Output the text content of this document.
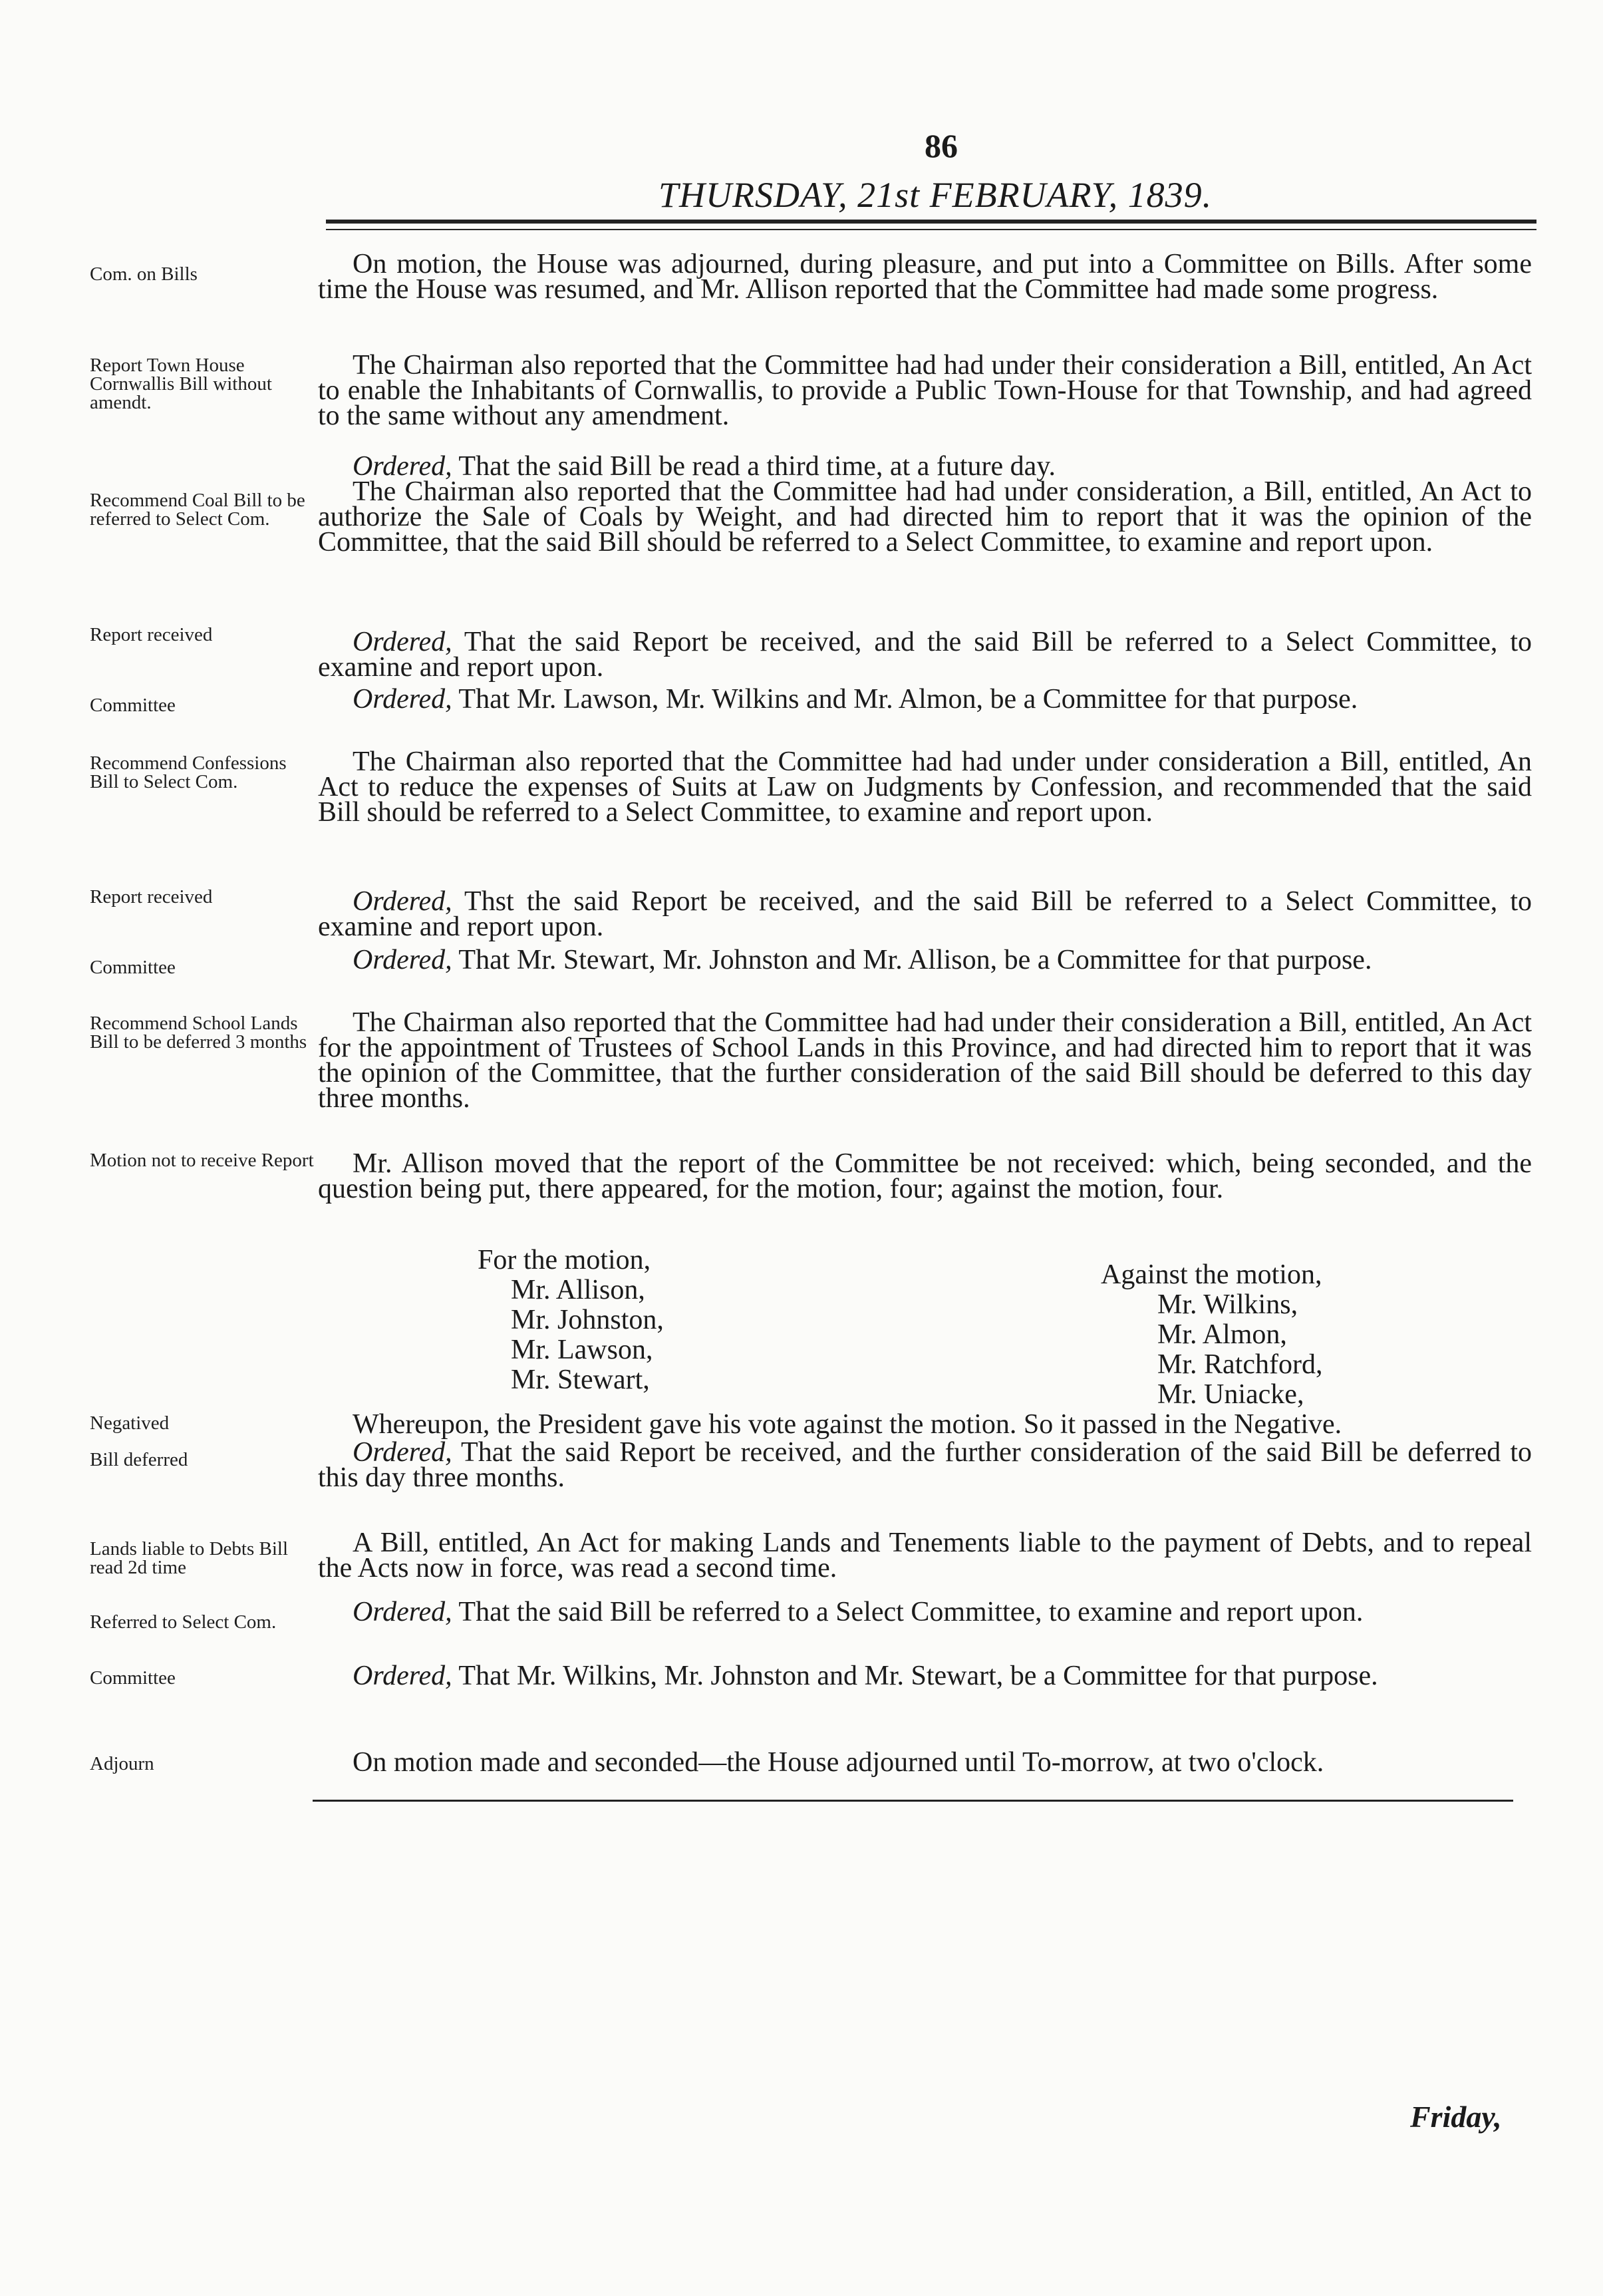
86
THURSDAY, 21st FEBRUARY, 1839.
Com. on Bills
Report Town House Cornwallis Bill without amendt.
Recommend Coal Bill to be referred to Select Com.
Report received
Committee
Recommend Confessions Bill to Select Com.
Report received
Committee
Recommend School Lands Bill to be deferred 3 months
Motion not to receive Report
Negatived
Bill deferred
Lands liable to Debts Bill read 2d time
Referred to Select Com.
Committee
Adjourn
On motion, the House was adjourned, during pleasure, and put into a Committee on Bills. After some time the House was resumed, and Mr. Allison reported that the Committee had made some progress.
The Chairman also reported that the Committee had had under their consideration a Bill, entitled, An Act to enable the Inhabitants of Cornwallis, to provide a Public Town-House for that Township, and had agreed to the same without any amendment.
Ordered, That the said Bill be read a third time, at a future day.
The Chairman also reported that the Committee had had under consideration, a Bill, entitled, An Act to authorize the Sale of Coals by Weight, and had directed him to report that it was the opinion of the Committee, that the said Bill should be referred to a Select Committee, to examine and report upon.
Ordered, That the said Report be received, and the said Bill be referred to a Select Committee, to examine and report upon.
Ordered, That Mr. Lawson, Mr. Wilkins and Mr. Almon, be a Committee for that purpose.
The Chairman also reported that the Committee had had under under consideration a Bill, entitled, An Act to reduce the expenses of Suits at Law on Judgments by Confession, and recommended that the said Bill should be referred to a Select Committee, to examine and report upon.
Ordered, Thst the said Report be received, and the said Bill be referred to a Select Committee, to examine and report upon.
Ordered, That Mr. Stewart, Mr. Johnston and Mr. Allison, be a Committee for that purpose.
The Chairman also reported that the Committee had had under their consideration a Bill, entitled, An Act for the appointment of Trustees of School Lands in this Province, and had directed him to report that it was the opinion of the Committee, that the further consideration of the said Bill should be deferred to this day three months.
Mr. Allison moved that the report of the Committee be not received: which, being seconded, and the question being put, there appeared, for the motion, four; against the motion, four.
For the motion,
Mr. Allison,
Mr. Johnston,
Mr. Lawson,
Mr. Stewart,
Against the motion,
Mr. Wilkins,
Mr. Almon,
Mr. Ratchford,
Mr. Uniacke,
Whereupon, the President gave his vote against the motion. So it passed in the Negative.
Ordered, That the said Report be received, and the further consideration of the said Bill be deferred to this day three months.
A Bill, entitled, An Act for making Lands and Tenements liable to the payment of Debts, and to repeal the Acts now in force, was read a second time.
Ordered, That the said Bill be referred to a Select Committee, to examine and report upon.
Ordered, That Mr. Wilkins, Mr. Johnston and Mr. Stewart, be a Committee for that purpose.
On motion made and seconded—the House adjourned until To-morrow, at two o'clock.
Friday,
